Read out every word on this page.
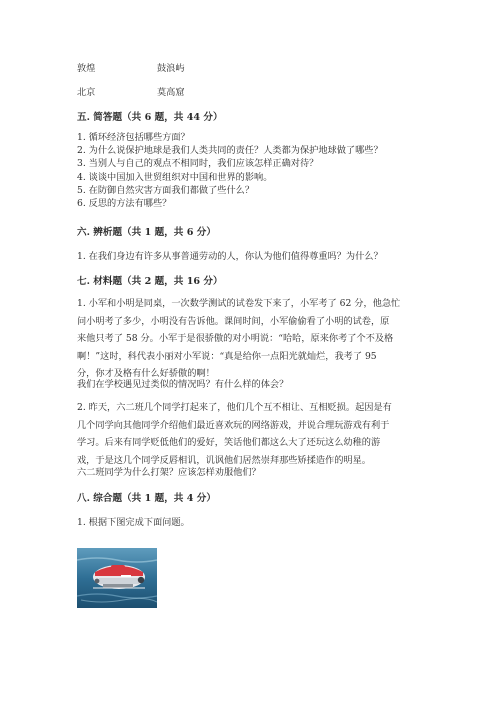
敦煌	鼓浪屿
北京	莫高窟
五. 简答题（共 6 题，共 44 分）
1. 循环经济包括哪些方面？
2. 为什么说保护地球是我们人类共同的责任？人类都为保护地球做了哪些？
3. 当别人与自己的观点不相同时，我们应该怎样正确对待？
4. 谈谈中国加入世贸组织对中国和世界的影响。
5. 在防御自然灾害方面我们都做了些什么？
6. 反思的方法有哪些？
六. 辨析题（共 1 题，共 6 分）
1. 在我们身边有许多从事普通劳动的人，你认为他们值得尊重吗？为什么？
七. 材料题（共 2 题，共 16 分）
1. 小军和小明是同桌，一次数学测试的试卷发下来了，小军考了 62 分，他急忙
问小明考了多少，小明没有告诉他。课间时间，小军偷偷看了小明的试卷，原
来他只考了 58 分。小军于是很骄傲的对小明说：“哈哈，原来你考了个不及格
啊！”这时，科代表小丽对小军说：“真是给你一点阳光就灿烂，我考了 95
分，你才及格有什么好骄傲的啊！
我们在学校遇见过类似的情况吗？有什么样的体会？
2. 昨天，六二班几个同学打起来了，他们几个互不相让、互相贬损。起因是有
几个同学向其他同学介绍他们最近喜欢玩的网络游戏，并说合理玩游戏有利于
学习。后来有同学贬低他们的爱好，笑话他们都这么大了还玩这么幼稚的游
戏，于是这几个同学反唇相讥，讥讽他们居然崇拜那些矫揉造作的明星。
六二班同学为什么打架？应该怎样劝服他们？
八. 综合题（共 1 题，共 4 分）
1. 根据下图完成下面问题。
